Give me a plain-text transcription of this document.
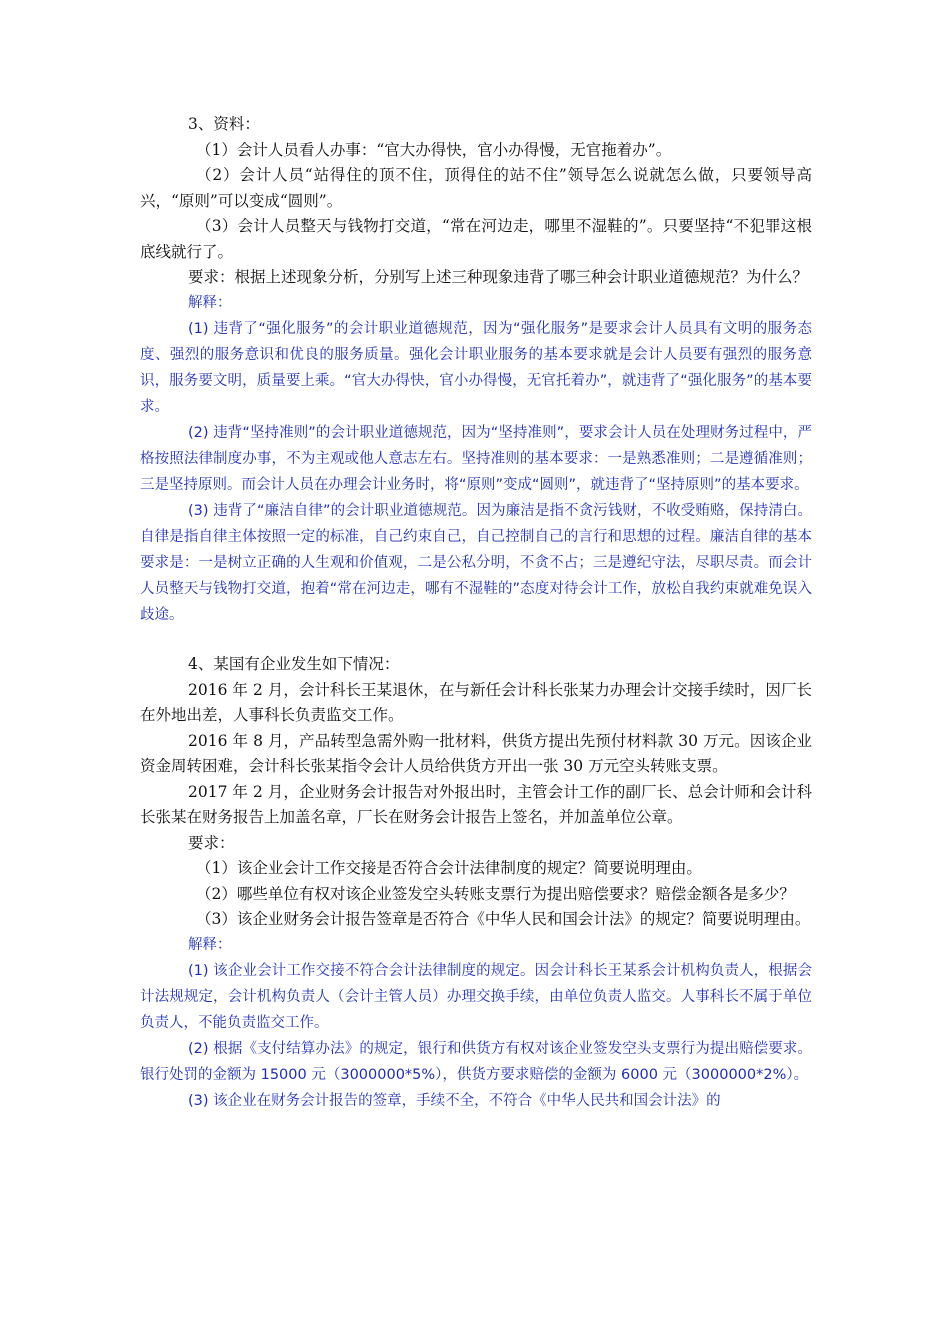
3、资料：

（1）会计人员看人办事：“官大办得快，官小办得慢，无官拖着办”。

（2）会计人员“站得住的顶不住，顶得住的站不住”领导怎么说就怎么做，只要领导高兴，“原则”可以变成“圆则”。

（3）会计人员整天与钱物打交道，“常在河边走，哪里不湿鞋的”。只要坚持“不犯罪这根底线就行了。

要求：根据上述现象分析，分别写上述三种现象违背了哪三种会计职业道德规范？为什么？

解释：

(1) 违背了“强化服务”的会计职业道德规范，因为“强化服务”是要求会计人员具有文明的服务态度、强烈的服务意识和优良的服务质量。强化会计职业服务的基本要求就是会计人员要有强烈的服务意识，服务要文明，质量要上乘。“官大办得快，官小办得慢，无官托着办”，就违背了“强化服务”的基本要求。

(2) 违背“坚持准则”的会计职业道德规范，因为“坚持准则”，要求会计人员在处理财务过程中，严格按照法律制度办事，不为主观或他人意志左右。坚持准则的基本要求：一是熟悉准则；二是遵循准则；三是坚持原则。而会计人员在办理会计业务时，将“原则”变成“圆则”，就违背了“坚持原则”的基本要求。

(3) 违背了“廉洁自律”的会计职业道德规范。因为廉洁是指不贪污钱财，不收受贿赂，保持清白。自律是指自律主体按照一定的标准，自己约束自己，自己控制自己的言行和思想的过程。廉洁自律的基本要求是：一是树立正确的人生观和价值观，二是公私分明，不贪不占；三是遵纪守法，尽职尽责。而会计人员整天与钱物打交道，抱着“常在河边走，哪有不湿鞋的”态度对待会计工作，放松自我约束就难免误入歧途。

4、某国有企业发生如下情况：

2016 年 2 月，会计科长王某退休，在与新任会计科长张某力办理会计交接手续时，因厂长在外地出差，人事科长负责监交工作。

2016 年 8 月，产品转型急需外购一批材料，供货方提出先预付材料款 30 万元。因该企业资金周转困难，会计科长张某指令会计人员给供货方开出一张 30 万元空头转账支票。

2017 年 2 月，企业财务会计报告对外报出时，主管会计工作的副厂长、总会计师和会计科长张某在财务报告上加盖名章，厂长在财务会计报告上签名，并加盖单位公章。

要求：

（1）该企业会计工作交接是否符合会计法律制度的规定？简要说明理由。

（2）哪些单位有权对该企业签发空头转账支票行为提出赔偿要求？赔偿金额各是多少？

（3）该企业财务会计报告签章是否符合《中华人民和国会计法》的规定？简要说明理由。

解释：

(1) 该企业会计工作交接不符合会计法律制度的规定。因会计科长王某系会计机构负责人，根据会计法规规定，会计机构负责人（会计主管人员）办理交换手续，由单位负责人监交。人事科长不属于单位负责人，不能负责监交工作。

(2) 根据《支付结算办法》的规定，银行和供货方有权对该企业签发空头支票行为提出赔偿要求。银行处罚的金额为 15000 元（3000000*5%），供货方要求赔偿的金额为 6000 元（3000000*2%）。

(3) 该企业在财务会计报告的签章，手续不全，不符合《中华人民共和国会计法》的
